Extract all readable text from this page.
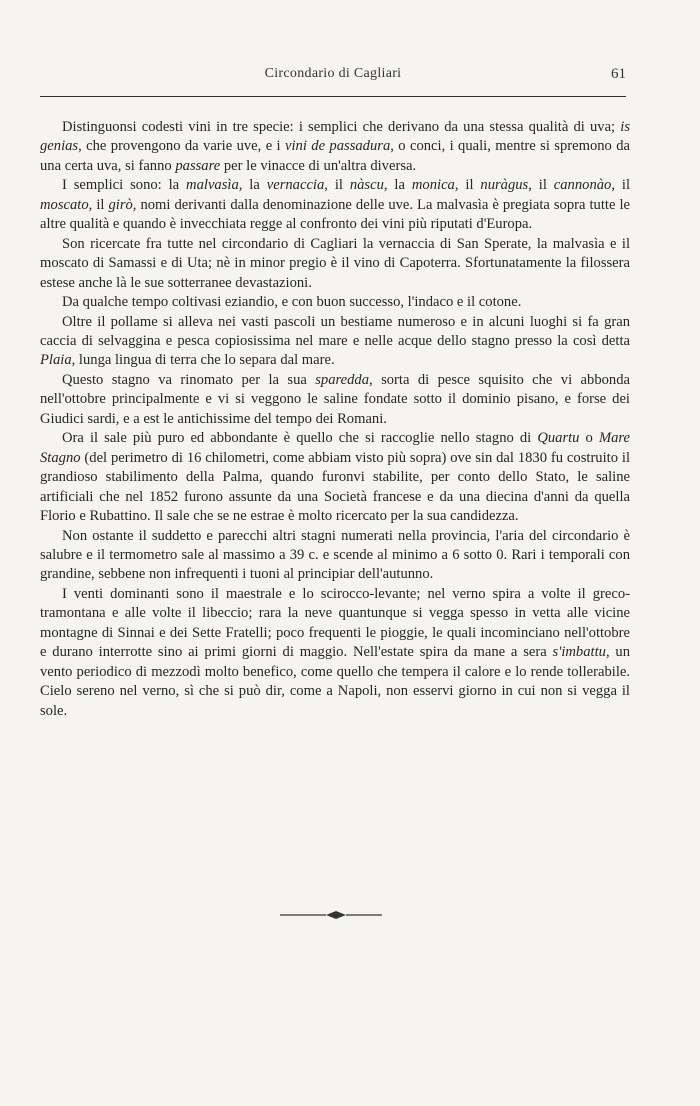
Circondario di Cagliari	61

Distinguonsi codesti vini in tre specie: i semplici che derivano da una stessa qualità di uva; is genias, che provengono da varie uve, e i vini de passadura, o conci, i quali, mentre si spremono da una certa uva, si fanno passare per le vinacce di un'altra diversa.

I semplici sono: la malvasìa, la vernaccia, il nàscu, la monica, il nuràgus, il cannonào, il moscato, il girò, nomi derivanti dalla denominazione delle uve. La malvasìa è pregiata sopra tutte le altre qualità e quando è invecchiata regge al confronto dei vini più riputati d'Europa.

Son ricercate fra tutte nel circondario di Cagliari la vernaccia di San Sperate, la malvasìa e il moscato di Samassi e di Uta; nè in minor pregio è il vino di Capoterra. Sfortunatamente la filossera estese anche là le sue sotterranee devastazioni.

Da qualche tempo coltivasi eziandio, e con buon successo, l'indaco e il cotone.

Oltre il pollame si alleva nei vasti pascoli un bestiame numeroso e in alcuni luoghi si fa gran caccia di selvaggina e pesca copiosissima nel mare e nelle acque dello stagno presso la così detta Plaia, lunga lingua di terra che lo separa dal mare.

Questo stagno va rinomato per la sua sparedda, sorta di pesce squisito che vi abbonda nell'ottobre principalmente e vi si veggono le saline fondate sotto il dominio pisano, e forse dei Giudici sardi, e a est le antichissime del tempo dei Romani.

Ora il sale più puro ed abbondante è quello che si raccoglie nello stagno di Quartu o Mare Stagno (del perimetro di 16 chilometri, come abbiam visto più sopra) ove sin dal 1830 fu costruito il grandioso stabilimento della Palma, quando furonvi stabilite, per conto dello Stato, le saline artificiali che nel 1852 furono assunte da una Società francese e da una diecina d'anni da quella Florio e Rubattino. Il sale che se ne estrae è molto ricercato per la sua candidezza.

Non ostante il suddetto e parecchi altri stagni numerati nella provincia, l'aria del circondario è salubre e il termometro sale al massimo a 39 c. e scende al minimo a 6 sotto 0. Rari i temporali con grandine, sebbene non infrequenti i tuoni al principiar dell'autunno.

I venti dominanti sono il maestrale e lo scirocco-levante; nel verno spira a volte il greco-tramontana e alle volte il libeccio; rara la neve quantunque si vegga spesso in vetta alle vicine montagne di Sinnai e dei Sette Fratelli; poco frequenti le pioggie, le quali incominciano nell'ottobre e durano interrotte sino ai primi giorni di maggio. Nell'estate spira da mane a sera s'imbattu, un vento periodico di mezzodì molto benefico, come quello che tempera il calore e lo rende tollerabile. Cielo sereno nel verno, sì che si può dir, come a Napoli, non esservi giorno in cui non si vegga il sole.
